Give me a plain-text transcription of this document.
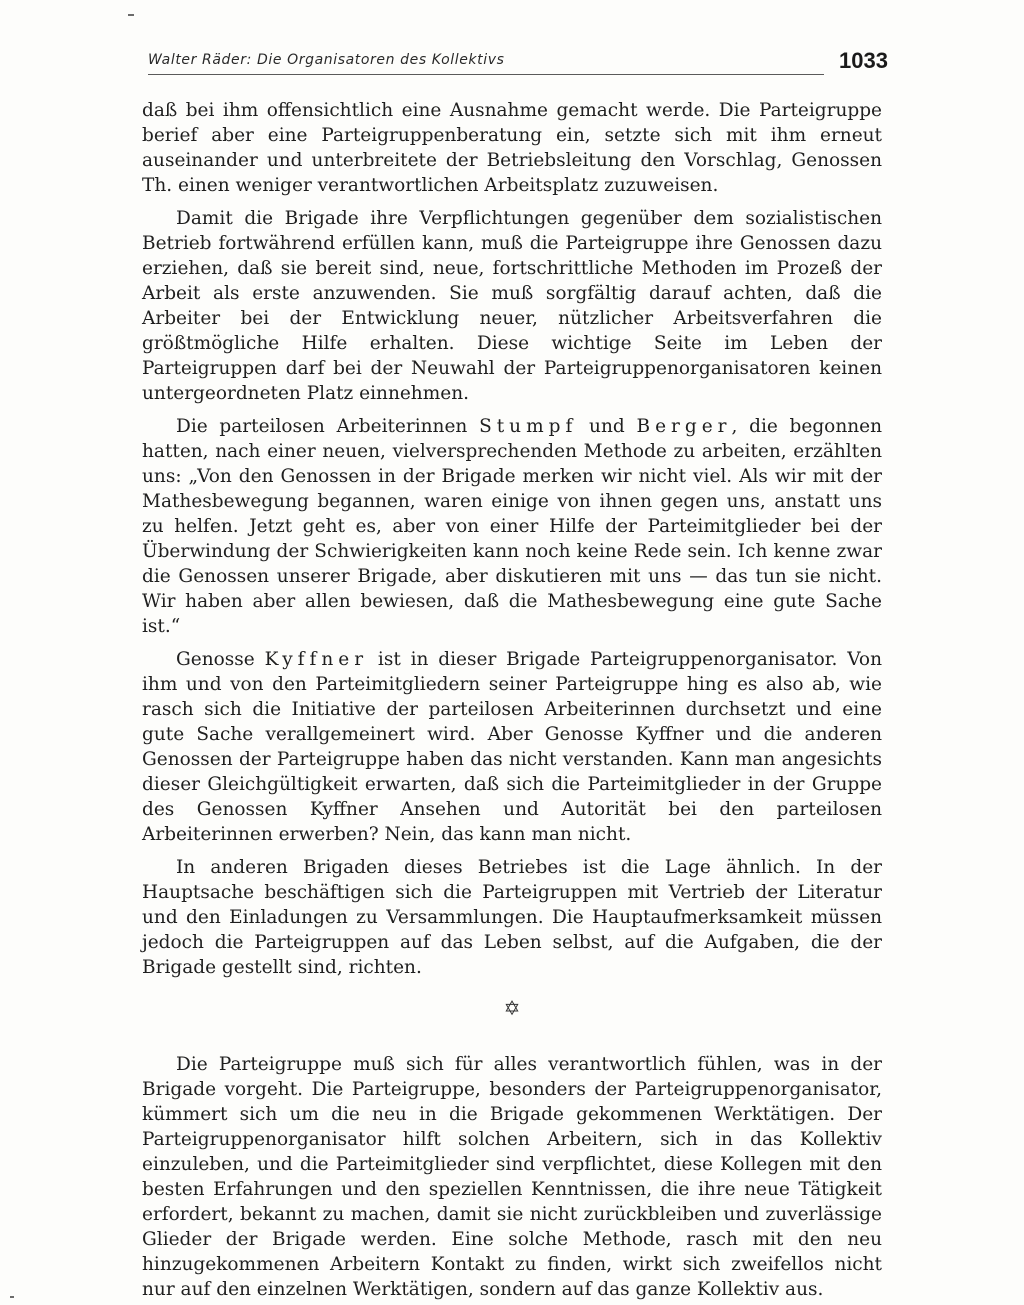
Walter Räder: Die Organisatoren des Kollektivs	1033

daß bei ihm offensichtlich eine Ausnahme gemacht werde. Die Parteigruppe berief aber eine Parteigruppenberatung ein, setzte sich mit ihm erneut auseinander und unterbreitete der Betriebsleitung den Vorschlag, Genossen Th. einen weniger verantwortlichen Arbeitsplatz zuzuweisen.

Damit die Brigade ihre Verpflichtungen gegenüber dem sozialistischen Betrieb fortwährend erfüllen kann, muß die Parteigruppe ihre Genossen dazu erziehen, daß sie bereit sind, neue, fortschrittliche Methoden im Prozeß der Arbeit als erste anzuwenden. Sie muß sorgfältig darauf achten, daß die Arbeiter bei der Entwicklung neuer, nützlicher Arbeitsverfahren die größtmögliche Hilfe erhalten. Diese wichtige Seite im Leben der Parteigruppen darf bei der Neuwahl der Parteigruppenorganisatoren keinen untergeordneten Platz einnehmen.

Die parteilosen Arbeiterinnen Stumpf und Berger, die begonnen hatten, nach einer neuen, vielversprechenden Methode zu arbeiten, erzählten uns: „Von den Genossen in der Brigade merken wir nicht viel. Als wir mit der Mathesbewegung begannen, waren einige von ihnen gegen uns, anstatt uns zu helfen. Jetzt geht es, aber von einer Hilfe der Parteimitglieder bei der Überwindung der Schwierigkeiten kann noch keine Rede sein. Ich kenne zwar die Genossen unserer Brigade, aber diskutieren mit uns — das tun sie nicht. Wir haben aber allen bewiesen, daß die Mathesbewegung eine gute Sache ist.“

Genosse Kyffner ist in dieser Brigade Parteigruppenorganisator. Von ihm und von den Parteimitgliedern seiner Parteigruppe hing es also ab, wie rasch sich die Initiative der parteilosen Arbeiterinnen durchsetzt und eine gute Sache verallgemeinert wird. Aber Genosse Kyffner und die anderen Genossen der Parteigruppe haben das nicht verstanden. Kann man angesichts dieser Gleichgültigkeit erwarten, daß sich die Parteimitglieder in der Gruppe des Genossen Kyffner Ansehen und Autorität bei den parteilosen Arbeiterinnen erwerben? Nein, das kann man nicht.

In anderen Brigaden dieses Betriebes ist die Lage ähnlich. In der Hauptsache beschäftigen sich die Parteigruppen mit Vertrieb der Literatur und den Einladungen zu Versammlungen. Die Hauptaufmerksamkeit müssen jedoch die Parteigruppen auf das Leben selbst, auf die Aufgaben, die der Brigade gestellt sind, richten.

✡

Die Parteigruppe muß sich für alles verantwortlich fühlen, was in der Brigade vorgeht. Die Parteigruppe, besonders der Parteigruppenorganisator, kümmert sich um die neu in die Brigade gekommenen Werktätigen. Der Parteigruppenorganisator hilft solchen Arbeitern, sich in das Kollektiv einzuleben, und die Parteimitglieder sind verpflichtet, diese Kollegen mit den besten Erfahrungen und den speziellen Kenntnissen, die ihre neue Tätigkeit erfordert, bekannt zu machen, damit sie nicht zurückbleiben und zuverlässige Glieder der Brigade werden. Eine solche Methode, rasch mit den neu hinzugekommenen Arbeitern Kontakt zu finden, wirkt sich zweifellos nicht nur auf den einzelnen Werktätigen, sondern auf das ganze Kollektiv aus.
